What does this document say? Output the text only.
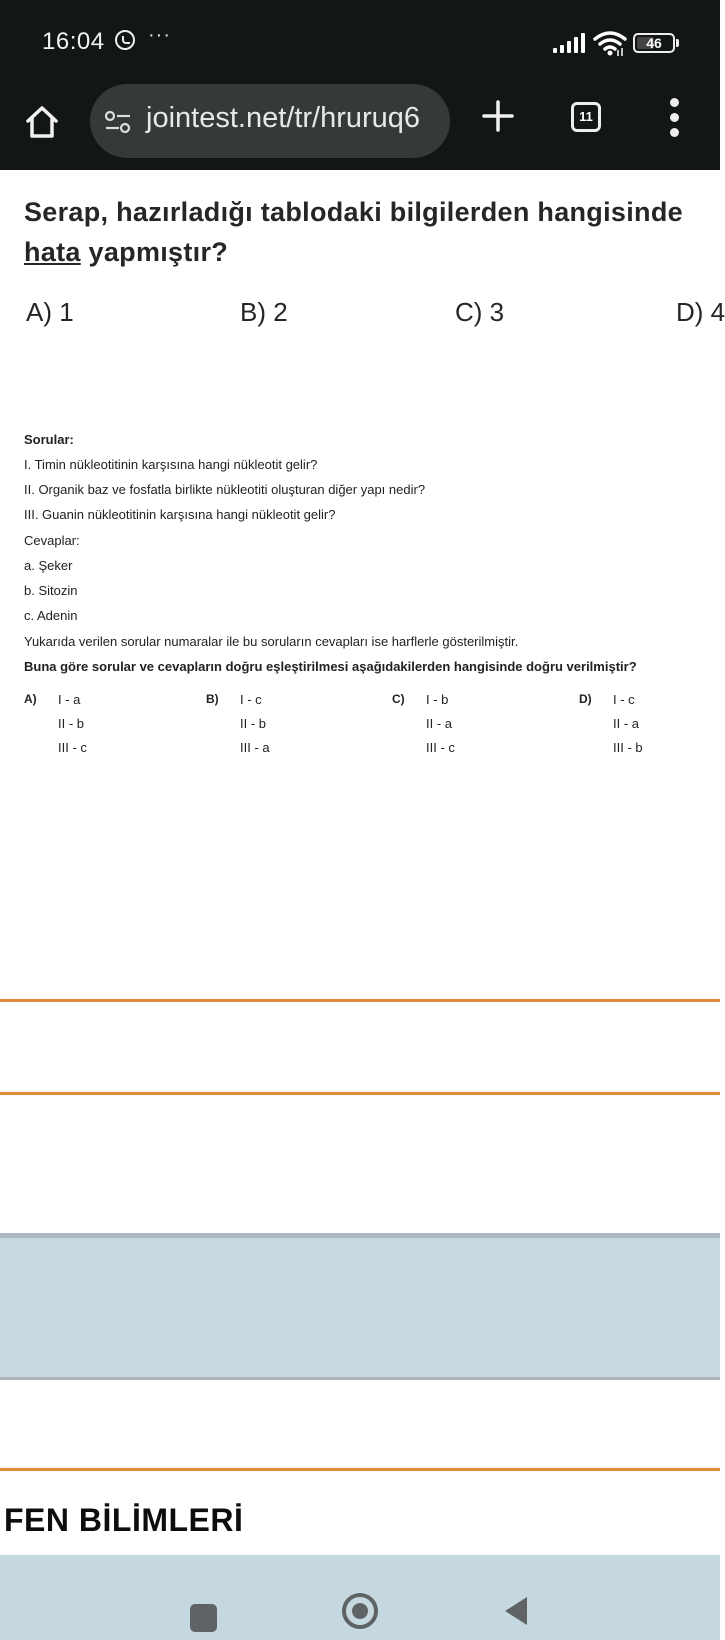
16:04 ···	46
jointest.net/tr/hruruq6	11
Serap, hazırladığı tablodaki bilgilerden hangisinde
hata yapmıştır?
A) 1	B) 2	C) 3	D) 4
Sorular:
I. Timin nükleotitinin karşısına hangi nükleotit gelir?
II. Organik baz ve fosfatla birlikte nükleotiti oluşturan diğer yapı nedir?
III. Guanin nükleotitinin karşısına hangi nükleotit gelir?
Cevaplar:
a. Şeker
b. Sitozin
c. Adenin
Yukarıda verilen sorular numaralar ile bu soruların cevapları ise harflerle gösterilmiştir.
Buna göre sorular ve cevapların doğru eşleştirilmesi aşağıdakilerden hangisinde doğru verilmiştir?
A) I - a
II - b
III - c
B) I - c
II - b
III - a
C) I - b
II - a
III - c
D) I - c
II - a
III - b
FEN BİLİMLERİ
